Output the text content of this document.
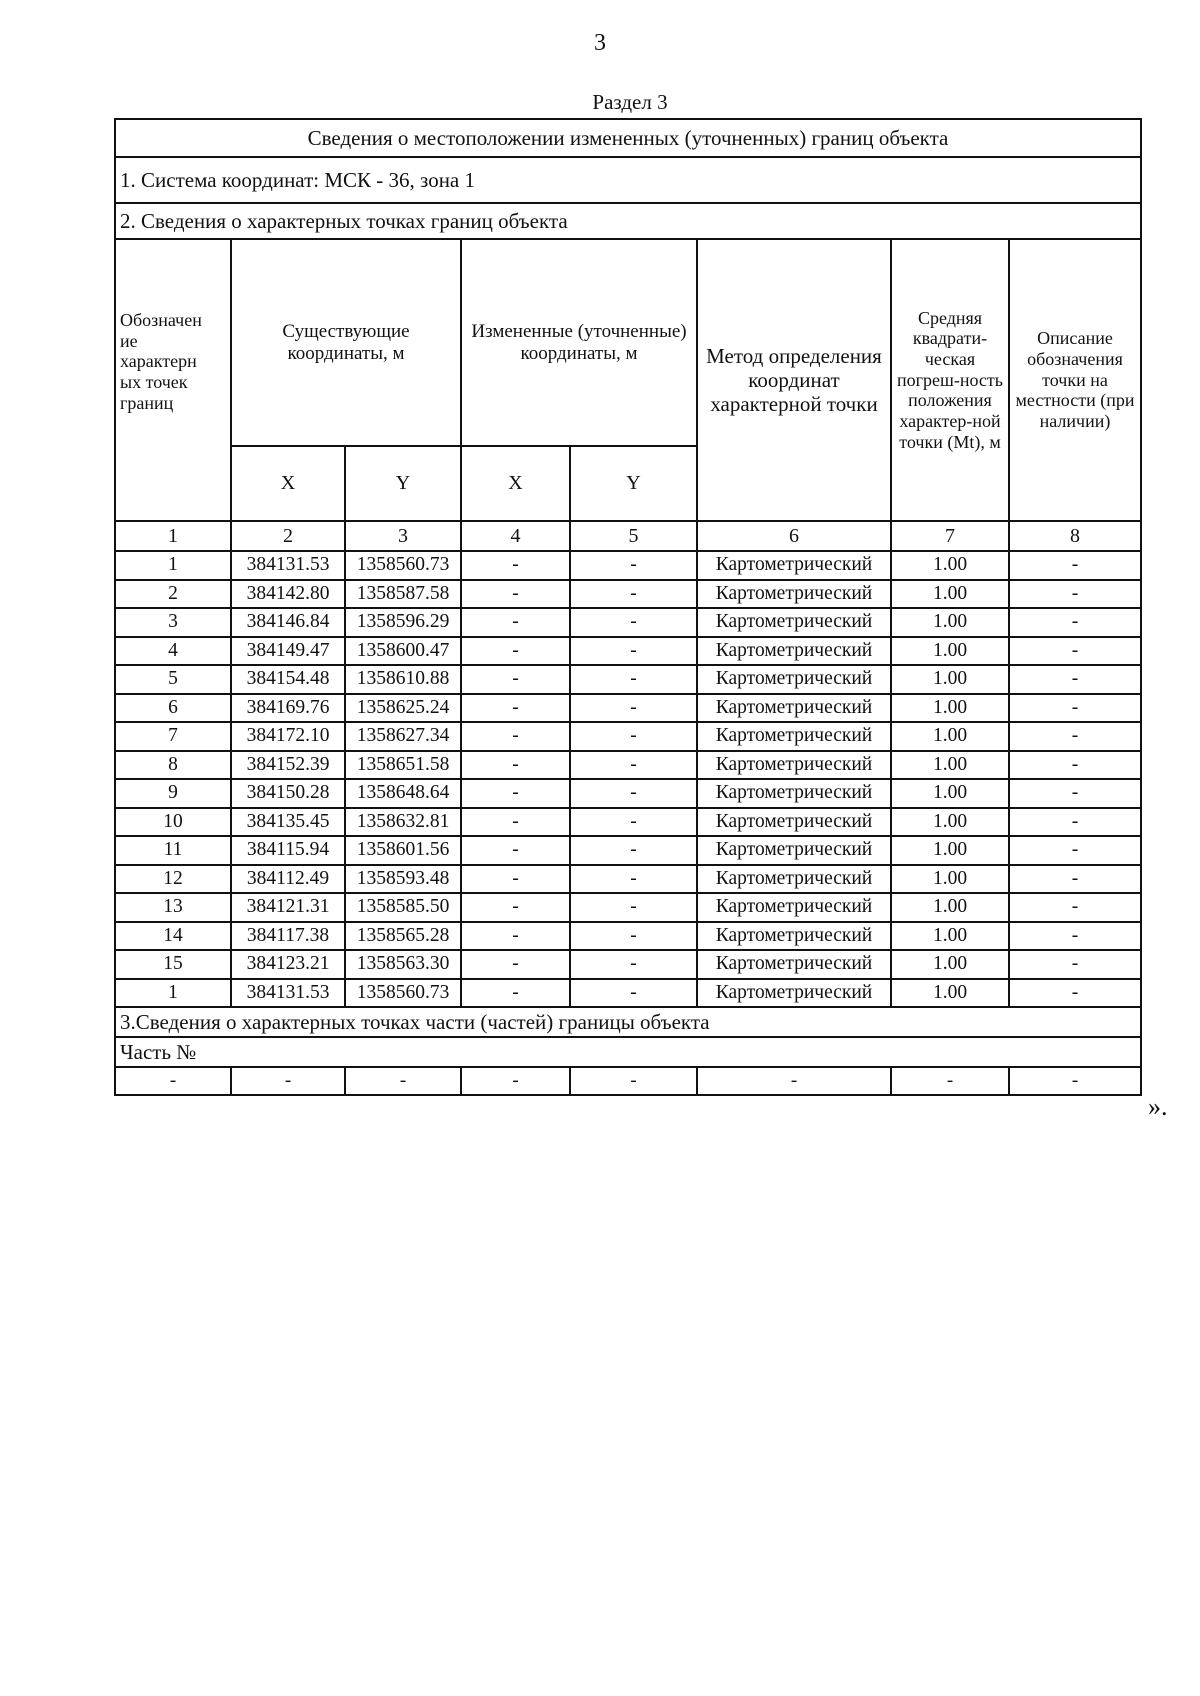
3
Раздел 3
Сведения о местоположении измененных (уточненных) границ объекта							
1. Система координат: МСК - 36, зона 1							
2. Сведения о характерных точках границ объекта							

Обозначен
ие
характерн
ых точек
границ	Существующие координаты, м		Измененные (уточненные) координаты, м		Метод определения координат характерной точки	Средняя квадрати-ческая погреш-ность положения характер-ной точки (Mt), м	Описание обозначения точки на местности (при наличии)
	X	Y	X	Y			
1	2	3	4	5	6	7	8
1	384131.53	1358560.73	-	-	Картометрический	1.00	-
2	384142.80	1358587.58	-	-	Картометрический	1.00	-
3	384146.84	1358596.29	-	-	Картометрический	1.00	-
4	384149.47	1358600.47	-	-	Картометрический	1.00	-
5	384154.48	1358610.88	-	-	Картометрический	1.00	-
6	384169.76	1358625.24	-	-	Картометрический	1.00	-
7	384172.10	1358627.34	-	-	Картометрический	1.00	-
8	384152.39	1358651.58	-	-	Картометрический	1.00	-
9	384150.28	1358648.64	-	-	Картометрический	1.00	-
10	384135.45	1358632.81	-	-	Картометрический	1.00	-
11	384115.94	1358601.56	-	-	Картометрический	1.00	-
12	384112.49	1358593.48	-	-	Картометрический	1.00	-
13	384121.31	1358585.50	-	-	Картометрический	1.00	-
14	384117.38	1358565.28	-	-	Картометрический	1.00	-
15	384123.21	1358563.30	-	-	Картометрический	1.00	-
1	384131.53	1358560.73	-	-	Картометрический	1.00	-
3.Сведения о характерных точках части (частей) границы объекта							
Часть №							
-	-	-	-	-	-	-	-
».
